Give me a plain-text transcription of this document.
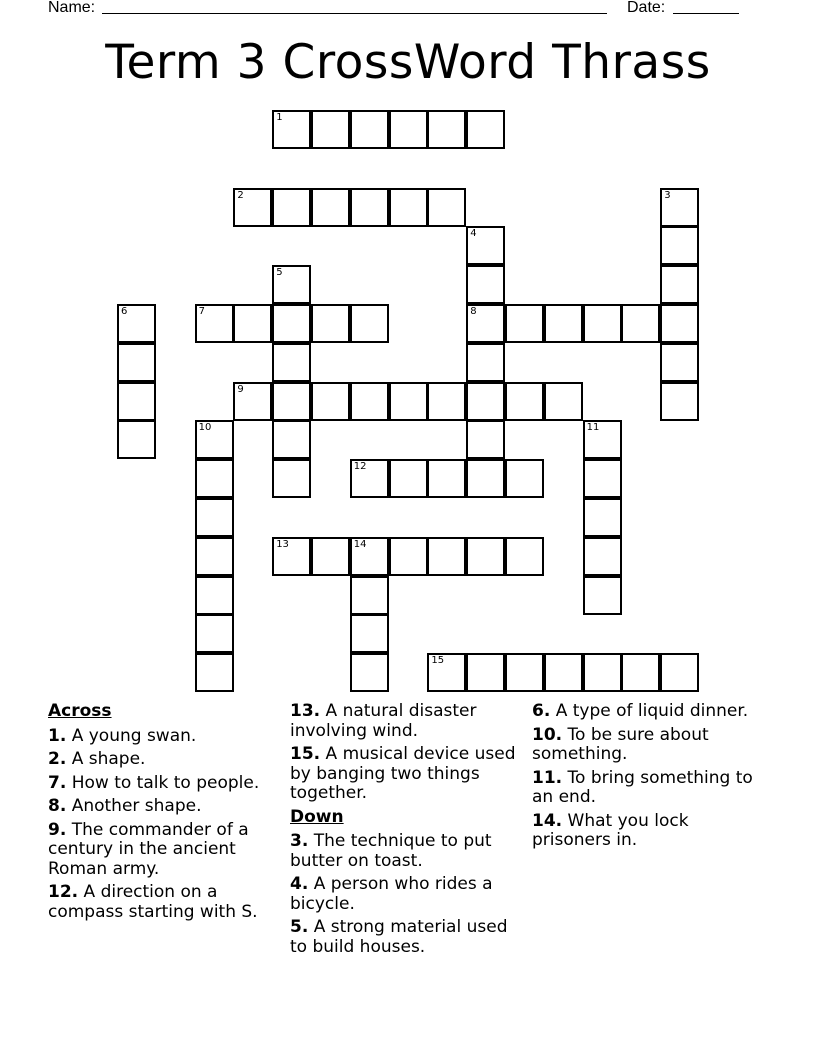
Name:	Date:
Term 3 CrossWord Thrass
1
2	3
4
8
5
6	7
9
10	11
12
13	14
15
Across
1. A young swan.
2. A shape.
7. How to talk to people.
8. Another shape.
9. The commander of a century in the ancient Roman army.
12. A direction on a compass starting with S.
13. A natural disaster involving wind.
15. A musical device used by banging two things together.
Down
3. The technique to put butter on toast.
4. A person who rides a bicycle.
5. A strong material used to build houses.
6. A type of liquid dinner.
10. To be sure about something.
11. To bring something to an end.
14. What you lock prisoners in.
